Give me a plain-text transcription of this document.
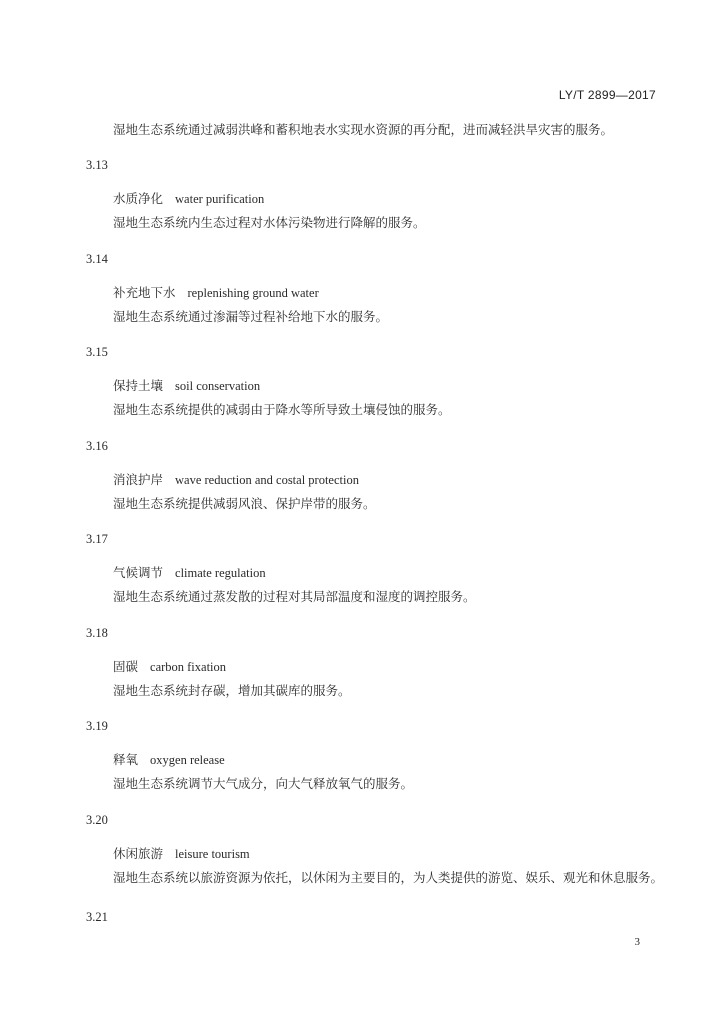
LY/T 2899—2017
湿地生态系统通过减弱洪峰和蓄积地表水实现水资源的再分配，进而减轻洪旱灾害的服务。
3.13
水质净化 water purification
湿地生态系统内生态过程对水体污染物进行降解的服务。
3.14
补充地下水 replenishing ground water
湿地生态系统通过渗漏等过程补给地下水的服务。
3.15
保持土壤 soil conservation
湿地生态系统提供的减弱由于降水等所导致土壤侵蚀的服务。
3.16
消浪护岸 wave reduction and costal protection
湿地生态系统提供减弱风浪、保护岸带的服务。
3.17
气候调节 climate regulation
湿地生态系统通过蒸发散的过程对其局部温度和湿度的调控服务。
3.18
固碳 carbon fixation
湿地生态系统封存碳，增加其碳库的服务。
3.19
释氧 oxygen release
湿地生态系统调节大气成分，向大气释放氧气的服务。
3.20
休闲旅游 leisure tourism
湿地生态系统以旅游资源为依托，以休闲为主要目的，为人类提供的游览、娱乐、观光和休息服务。
3.21
3
